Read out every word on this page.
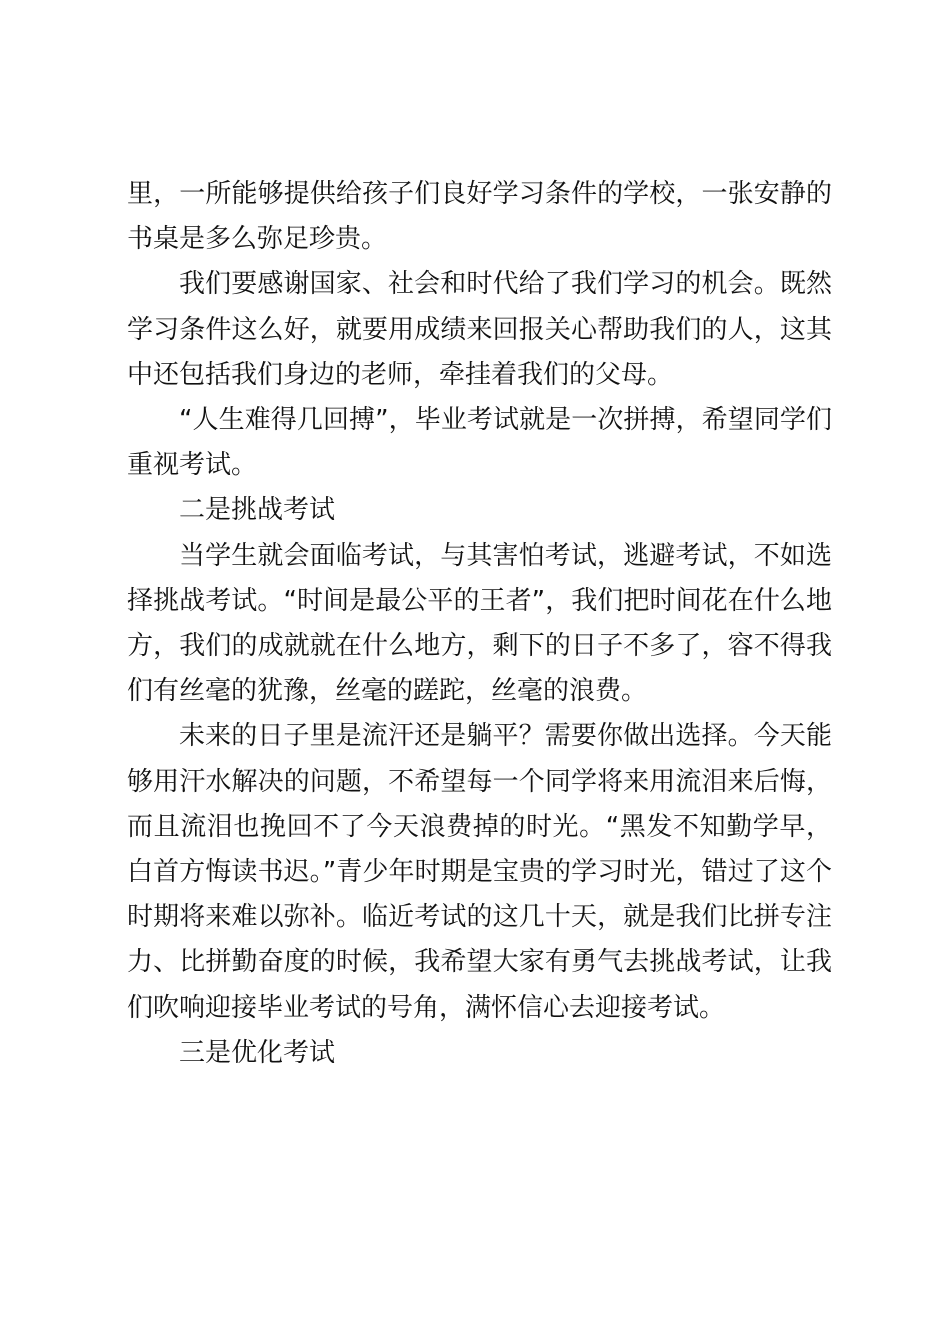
里，一所能够提供给孩子们良好学习条件的学校，一张安静的书桌是多么弥足珍贵。

我们要感谢国家、社会和时代给了我们学习的机会。既然学习条件这么好，就要用成绩来回报关心帮助我们的人，这其中还包括我们身边的老师，牵挂着我们的父母。

“人生难得几回搏”，毕业考试就是一次拼搏，希望同学们重视考试。

二是挑战考试

当学生就会面临考试，与其害怕考试，逃避考试，不如选择挑战考试。“时间是最公平的王者”，我们把时间花在什么地方，我们的成就就在什么地方，剩下的日子不多了，容不得我们有丝毫的犹豫，丝毫的蹉跎，丝毫的浪费。

未来的日子里是流汗还是躺平？需要你做出选择。今天能够用汗水解决的问题，不希望每一个同学将来用流泪来后悔，而且流泪也挽回不了今天浪费掉的时光。“黑发不知勤学早，白首方悔读书迟。”青少年时期是宝贵的学习时光，错过了这个时期将来难以弥补。临近考试的这几十天，就是我们比拼专注力、比拼勤奋度的时候，我希望大家有勇气去挑战考试，让我们吹响迎接毕业考试的号角，满怀信心去迎接考试。

三是优化考试
